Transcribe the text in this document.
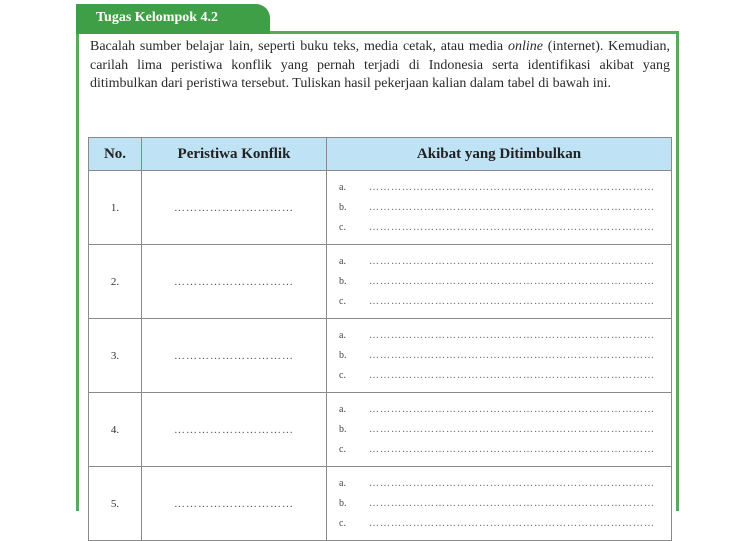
Tugas Kelompok 4.2
Bacalah sumber belajar lain, seperti buku teks, media cetak, atau media online (internet). Kemudian, carilah lima peristiwa konflik yang pernah terjadi di Indonesia serta identifikasi akibat yang ditimbulkan dari peristiwa tersebut. Tuliskan hasil pekerjaan kalian dalam tabel di bawah ini.
No.	Peristiwa Konflik	Akibat yang Ditimbulkan
1.	…………………………	a. ……………………………………………………………………
b. ……………………………………………………………………
c. ……………………………………………………………………

2.	…………………………	a. ……………………………………………………………………
b. ……………………………………………………………………
c. ……………………………………………………………………

3.	…………………………	a. ……………………………………………………………………
b. ……………………………………………………………………
c. ……………………………………………………………………

4.	…………………………	a. ……………………………………………………………………
b. ……………………………………………………………………
c. ……………………………………………………………………

5.	…………………………	a. ……………………………………………………………………
b. ……………………………………………………………………
c. ……………………………………………………………………
